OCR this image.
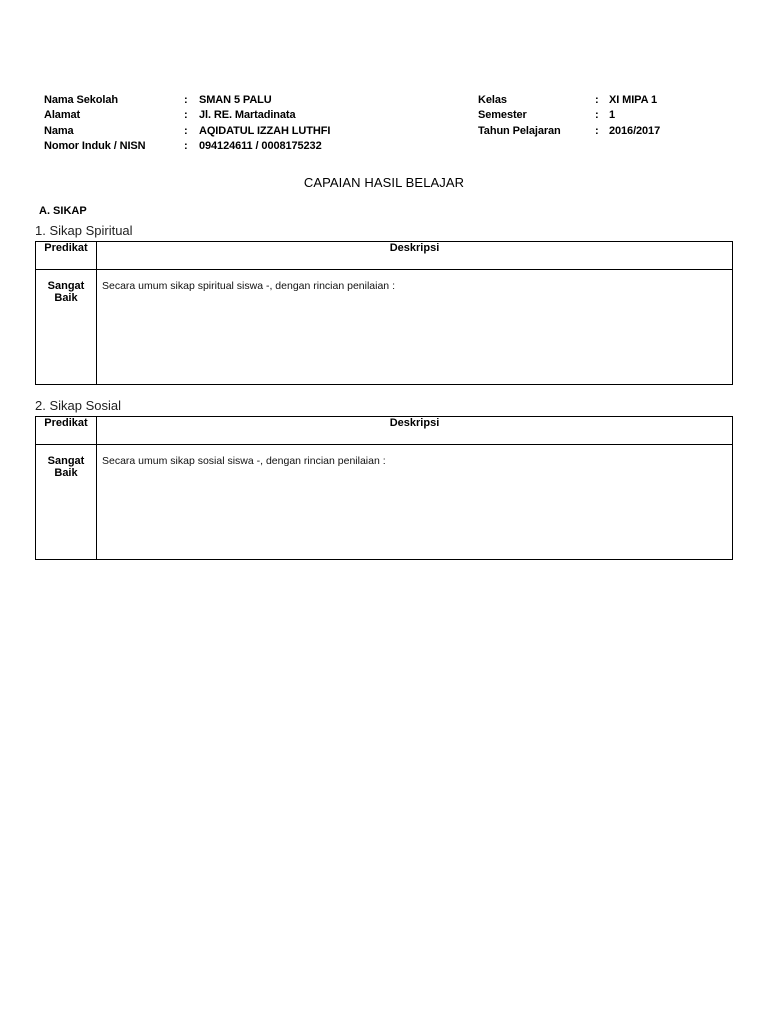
Nama Sekolah	:	SMAN 5 PALU
Alamat	:	Jl. RE. Martadinata
Nama	:	AQIDATUL IZZAH LUTHFI
Nomor Induk / NISN	:	094124611 / 0008175232
Kelas	: XI MIPA 1
Semester	: 1
Tahun Pelajaran	: 2016/2017
CAPAIAN HASIL BELAJAR
A. SIKAP
1. Sikap Spiritual
Predikat	Deskripsi

Sangat Baik	Secara umum sikap spiritual siswa -, dengan rincian penilaian :
2. Sikap Sosial
Predikat	Deskripsi

Sangat Baik	Secara umum sikap sosial siswa -, dengan rincian penilaian :
